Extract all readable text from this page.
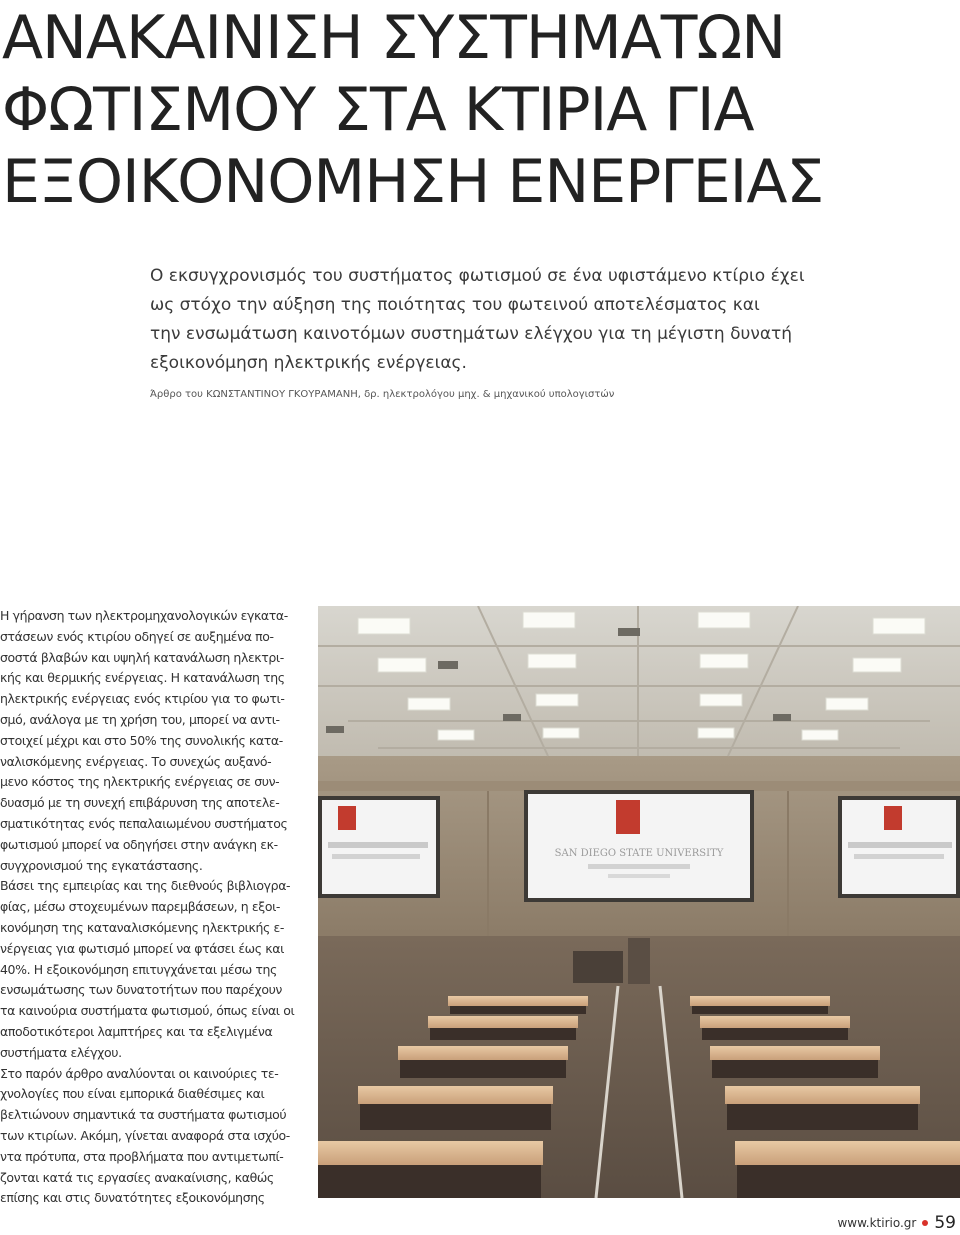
ΑΝΑΚΑΙΝΙΣΗ ΣΥΣΤΗΜΑΤΩΝ
ΦΩΤΙΣΜΟΥ ΣΤΑ ΚΤΙΡΙΑ ΓΙΑ
ΕΞΟΙΚΟΝΟΜΗΣΗ ΕΝΕΡΓΕΙΑΣ

Ο εκσυγχρονισμός του συστήματος φωτισμού σε ένα υφιστάμενο κτίριο έχει
ως στόχο την αύξηση της ποιότητας του φωτεινού αποτελέσματος και
την ενσωμάτωση καινοτόμων συστημάτων ελέγχου για τη μέγιστη δυνατή
εξοικονόμηση ηλεκτρικής ενέργειας.

Άρθρο του ΚΩΝΣΤΑΝΤΙΝΟΥ ΓΚΟΥΡΑΜΑΝΗ, δρ. ηλεκτρολόγου μηχ. & μηχανικού υπολογιστών
Η γήρανση των ηλεκτρομηχανολογικών εγκατα-
στάσεων ενός κτιρίου οδηγεί σε αυξημένα πο-
σοστά βλαβών και υψηλή κατανάλωση ηλεκτρι-
κής και θερμικής ενέργειας. Η κατανάλωση της
ηλεκτρικής ενέργειας ενός κτιρίου για το φωτι-
σμό, ανάλογα με τη χρήση του, μπορεί να αντι-
στοιχεί μέχρι και στο 50% της συνολικής κατα-
ναλισκόμενης ενέργειας. Το συνεχώς αυξανό-
μενο κόστος της ηλεκτρικής ενέργειας σε συν-
δυασμό με τη συνεχή επιβάρυνση της αποτελε-
σματικότητας ενός πεπαλαιωμένου συστήματος
φωτισμού μπορεί να οδηγήσει στην ανάγκη εκ-
συγχρονισμού της εγκατάστασης.
Βάσει της εμπειρίας και της διεθνούς βιβλιογρα-
φίας, μέσω στοχευμένων παρεμβάσεων, η εξοι-
κονόμηση της καταναλισκόμενης ηλεκτρικής ε-
νέργειας για φωτισμό μπορεί να φτάσει έως και
40%. Η εξοικονόμηση επιτυγχάνεται μέσω της
ενσωμάτωσης των δυνατοτήτων που παρέχουν
τα καινούρια συστήματα φωτισμού, όπως είναι οι
αποδοτικότεροι λαμπτήρες και τα εξελιγμένα
συστήματα ελέγχου.
Στο παρόν άρθρο αναλύονται οι καινούριες τε-
χνολογίες που είναι εμπορικά διαθέσιμες και
βελτιώνουν σημαντικά τα συστήματα φωτισμού
των κτιρίων. Ακόμη, γίνεται αναφορά στα ισχύο-
ντα πρότυπα, στα προβλήματα που αντιμετωπί-
ζονται κατά τις εργασίες ανακαίνισης, καθώς
επίσης και στις δυνατότητες εξοικονόμησης
SAN DIEGO STATE UNIVERSITY
www.ktirio.gr 59
